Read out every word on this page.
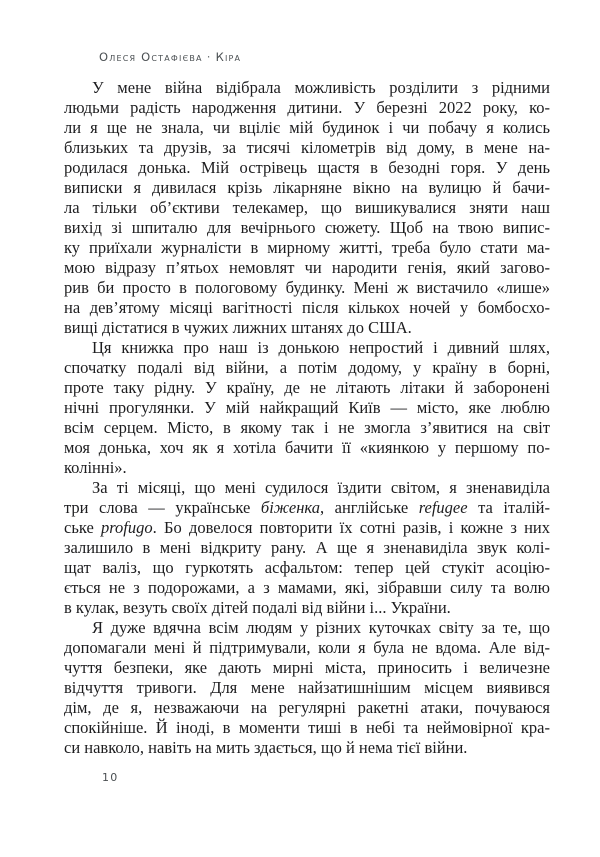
Олеся Остафієва · Кіра
У мене війна відібрала можливість розділити з рідними
людьми радість народження дитини. У березні 2022 року, ко-
ли я ще не знала, чи вціліє мій будинок і чи побачу я колись
близьких та друзів, за тисячі кілометрів від дому, в мене на-
родилася донька. Мій острівець щастя в безодні горя. У день
виписки я дивилася крізь лікарняне вікно на вулицю й бачи-
ла тільки об’єктиви телекамер, що вишикувалися зняти наш
вихід зі шпиталю для вечірнього сюжету. Щоб на твою випис-
ку приїхали журналісти в мирному житті, треба було стати ма-
мою відразу п’ятьох немовлят чи народити генія, який загово-
рив би просто в пологовому будинку. Мені ж вистачило «лише»
на дев’ятому місяці вагітності після кількох ночей у бомбосхо-
вищі дістатися в чужих лижних штанях до США.
Ця книжка про наш із донькою непростий і дивний шлях,
спочатку подалі від війни, а потім додому, у країну в борні,
проте таку рідну. У країну, де не літають літаки й заборонені
нічні прогулянки. У мій найкращий Київ — місто, яке люблю
всім серцем. Місто, в якому так і не змогла з’явитися на світ
моя донька, хоч як я хотіла бачити її «киянкою у першому по-
колінні».
За ті місяці, що мені судилося їздити світом, я зненавиділа
три слова — українське біженка, англійське refugee та італій-
ське profugo. Бо довелося повторити їх сотні разів, і кожне з них
залишило в мені відкриту рану. А ще я зненавиділа звук колі-
щат валіз, що гуркотять асфальтом: тепер цей стукіт асоцію-
ється не з подорожами, а з мамами, які, зібравши силу та волю
в кулак, везуть своїх дітей подалі від війни і... України.
Я дуже вдячна всім людям у різних куточках світу за те, що
допомагали мені й підтримували, коли я була не вдома. Але від-
чуття безпеки, яке дають мирні міста, приносить і величезне
відчуття тривоги. Для мене найзатишнішим місцем виявився
дім, де я, незважаючи на регулярні ракетні атаки, почуваюся
спокійніше. Й іноді, в моменти тиші в небі та неймовірної кра-
си навколо, навіть на мить здається, що й нема тієї війни.
10
